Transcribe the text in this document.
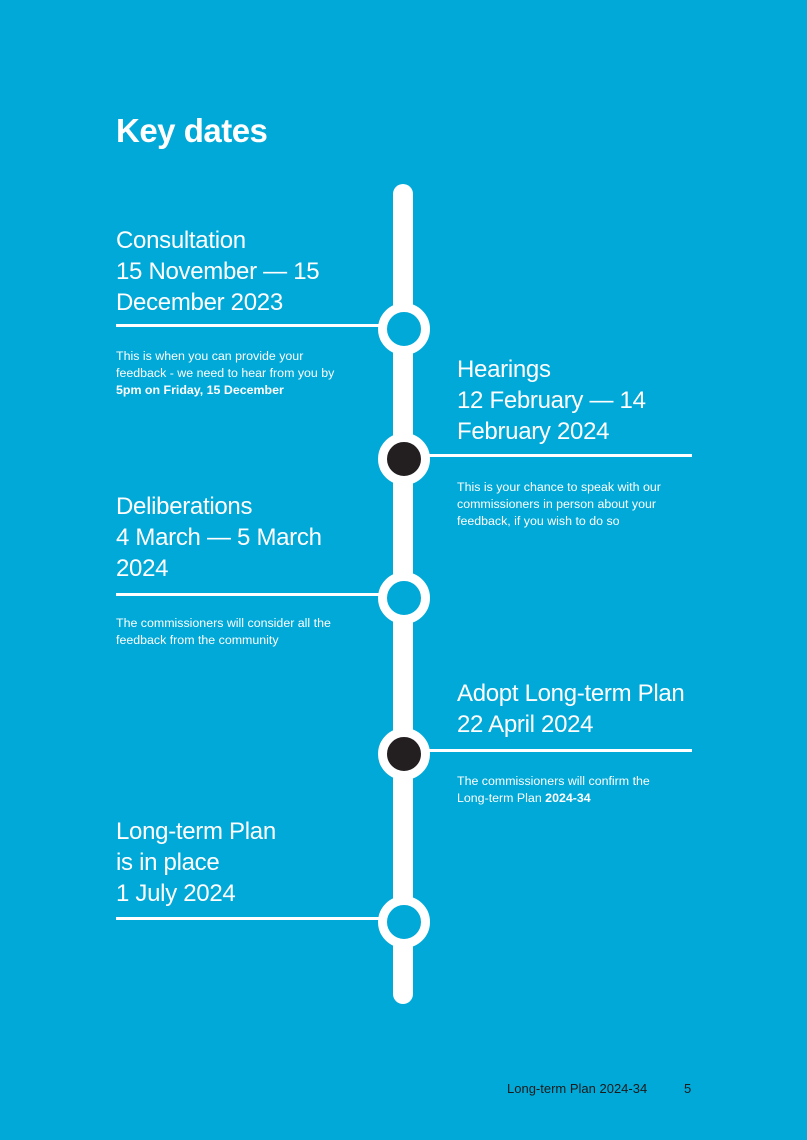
Key dates
Consultation
15 November — 15
December 2023
This is when you can provide your feedback - we need to hear from you by 5pm on Friday, 15 December
Hearings
12 February — 14
February 2024
This is your chance to speak with our commissioners in person about your feedback, if you wish to do so
Deliberations
4 March — 5 March
2024
The commissioners will consider all the feedback from the community
Adopt Long-term Plan
22 April 2024
The commissioners will confirm the Long-term Plan 2024-34
Long-term Plan
is in place
1 July 2024
Long-term Plan 2024-34	5
